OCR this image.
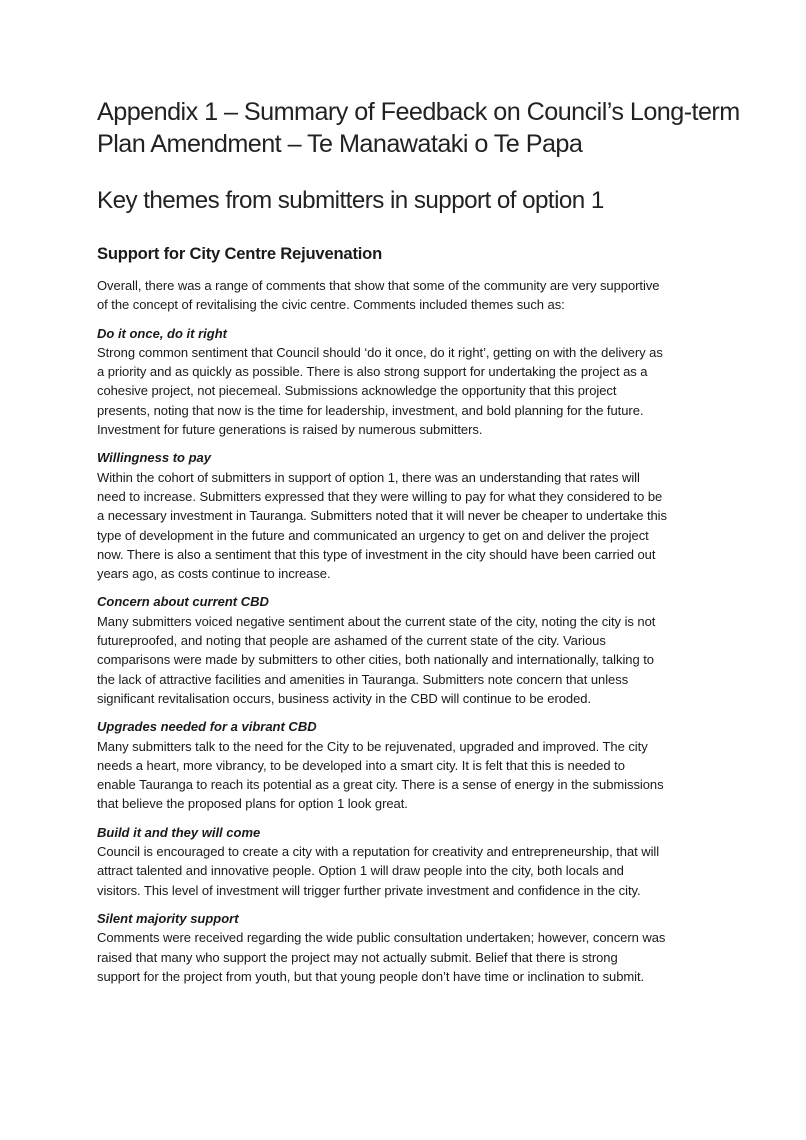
Appendix 1 – Summary of Feedback on Council’s Long-term
Plan Amendment – Te Manawataki o Te Papa
Key themes from submitters in support of option 1
Support for City Centre Rejuvenation

Overall, there was a range of comments that show that some of the community are very supportive
of the concept of revitalising the civic centre. Comments included themes such as:

Do it once, do it right

Strong common sentiment that Council should ‘do it once, do it right’, getting on with the delivery as
a priority and as quickly as possible. There is also strong support for undertaking the project as a
cohesive project, not piecemeal. Submissions acknowledge the opportunity that this project
presents, noting that now is the time for leadership, investment, and bold planning for the future.
Investment for future generations is raised by numerous submitters.

Willingness to pay

Within the cohort of submitters in support of option 1, there was an understanding that rates will
need to increase. Submitters expressed that they were willing to pay for what they considered to be
a necessary investment in Tauranga. Submitters noted that it will never be cheaper to undertake this
type of development in the future and communicated an urgency to get on and deliver the project
now. There is also a sentiment that this type of investment in the city should have been carried out
years ago, as costs continue to increase.

Concern about current CBD

Many submitters voiced negative sentiment about the current state of the city, noting the city is not
futureproofed, and noting that people are ashamed of the current state of the city. Various
comparisons were made by submitters to other cities, both nationally and internationally, talking to
the lack of attractive facilities and amenities in Tauranga. Submitters note concern that unless
significant revitalisation occurs, business activity in the CBD will continue to be eroded.

Upgrades needed for a vibrant CBD

Many submitters talk to the need for the City to be rejuvenated, upgraded and improved. The city
needs a heart, more vibrancy, to be developed into a smart city. It is felt that this is needed to
enable Tauranga to reach its potential as a great city. There is a sense of energy in the submissions
that believe the proposed plans for option 1 look great.

Build it and they will come

Council is encouraged to create a city with a reputation for creativity and entrepreneurship, that will
attract talented and innovative people. Option 1 will draw people into the city, both locals and
visitors. This level of investment will trigger further private investment and confidence in the city.

Silent majority support

Comments were received regarding the wide public consultation undertaken; however, concern was
raised that many who support the project may not actually submit. Belief that there is strong
support for the project from youth, but that young people don’t have time or inclination to submit.
